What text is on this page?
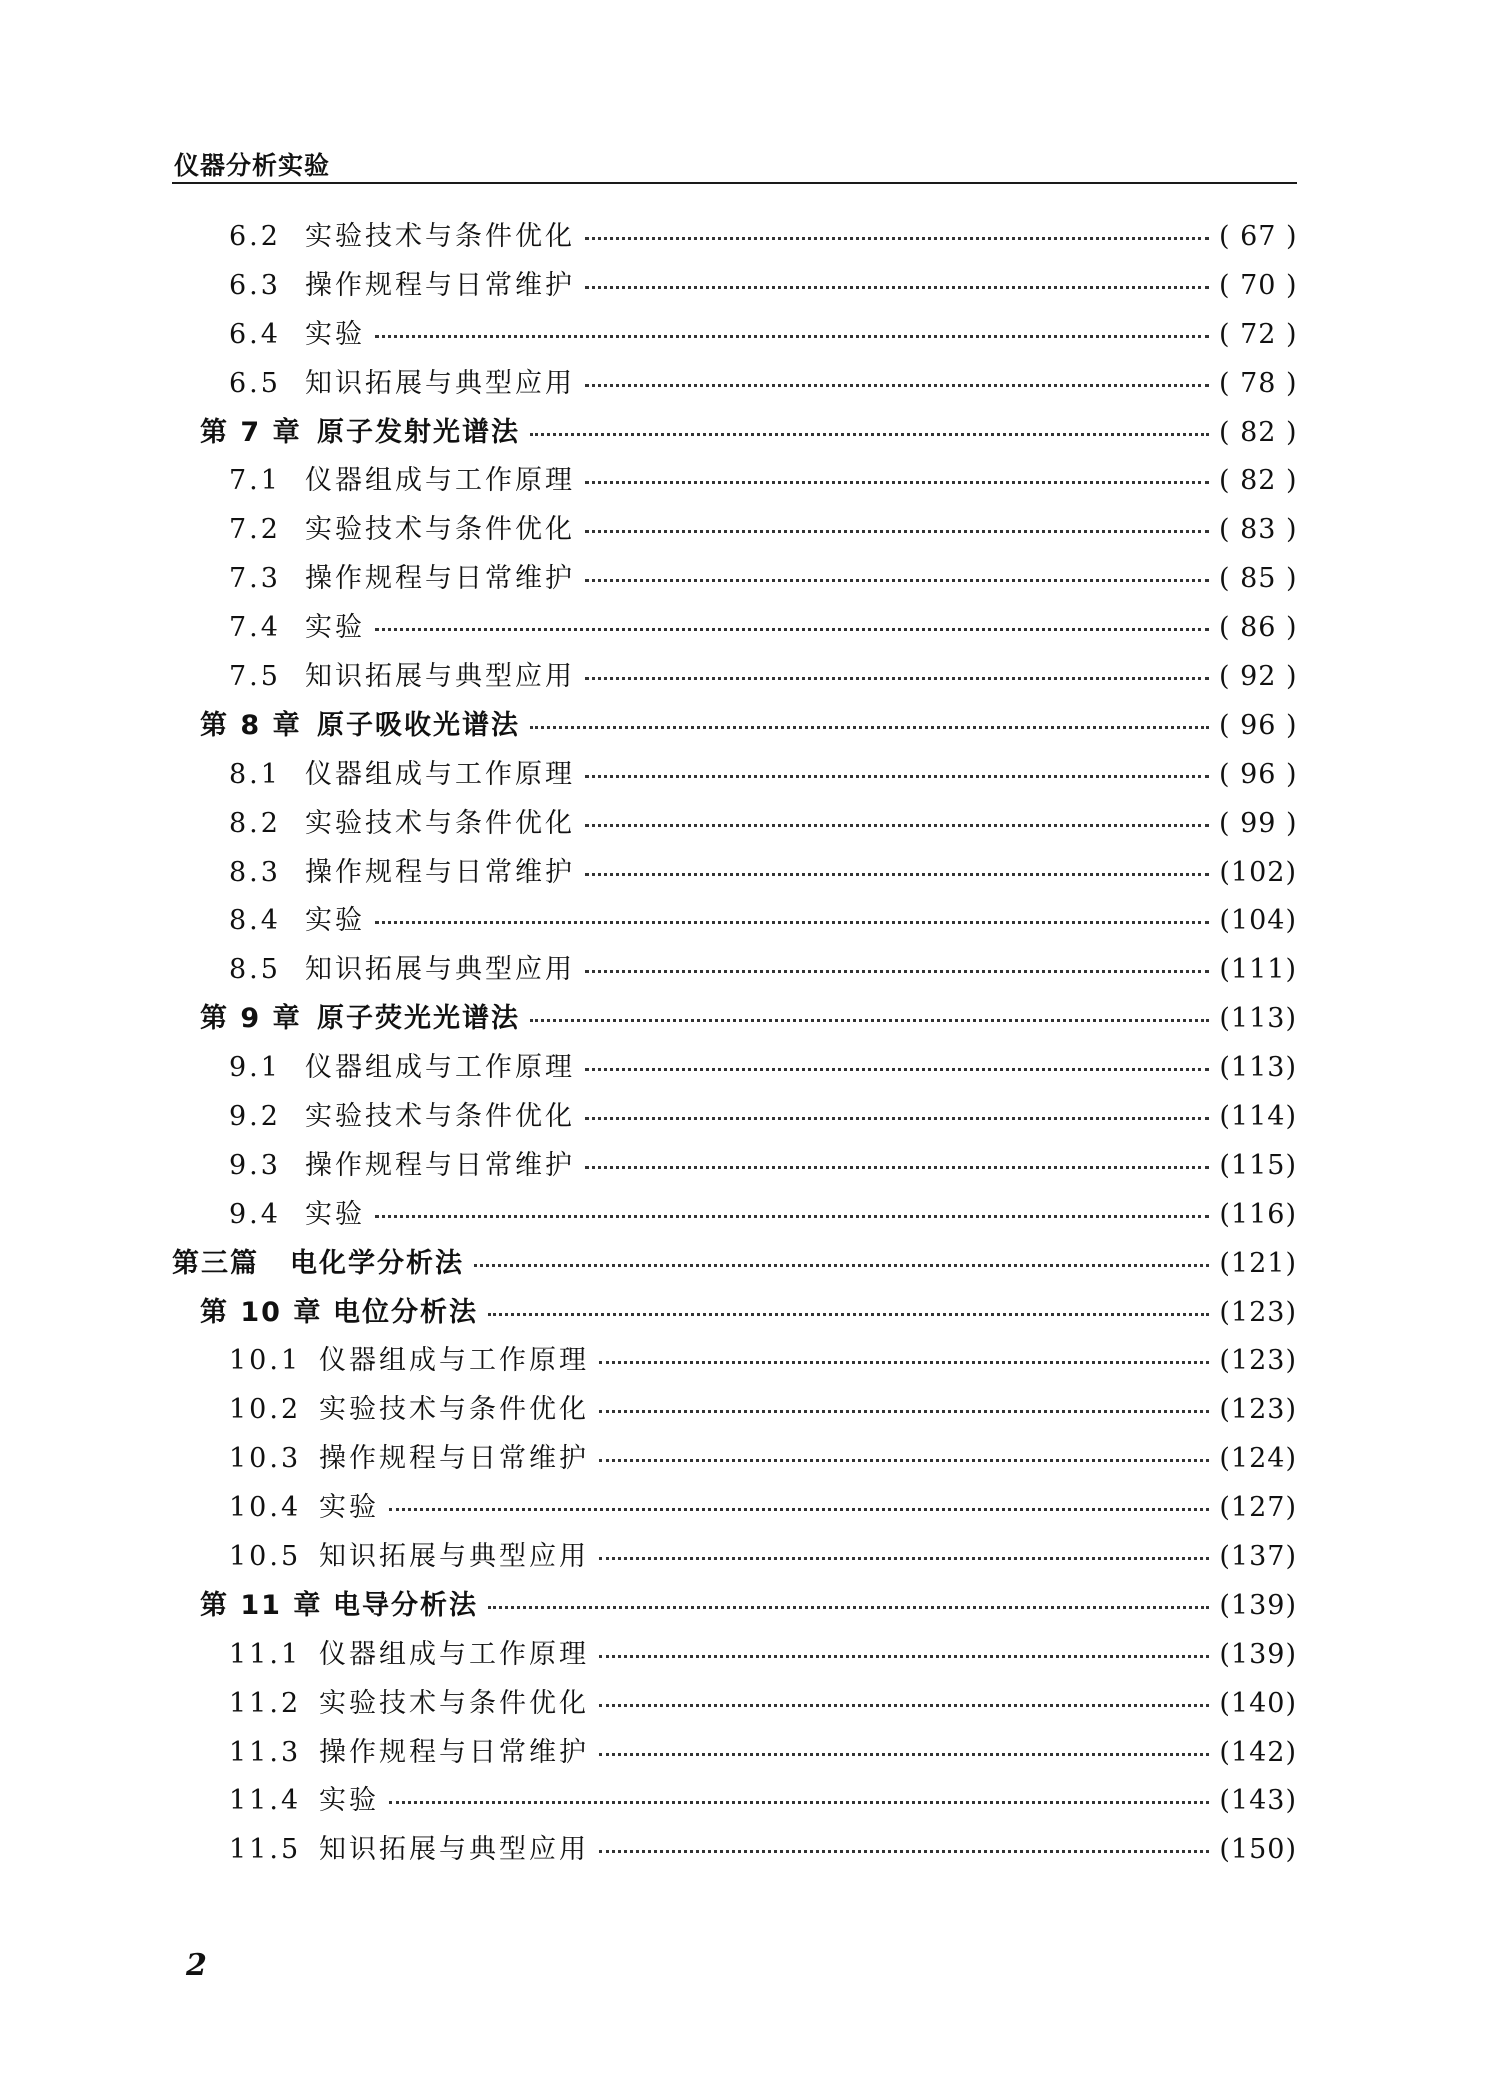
仪器分析实验
6.2 实验技术与条件优化	( 67 )
6.3 操作规程与日常维护	( 70 )
6.4 实验	( 72 )
6.5 知识拓展与典型应用	( 78 )
第 7 章 原子发射光谱法	( 82 )
7.1 仪器组成与工作原理	( 82 )
7.2 实验技术与条件优化	( 83 )
7.3 操作规程与日常维护	( 85 )
7.4 实验	( 86 )
7.5 知识拓展与典型应用	( 92 )
第 8 章 原子吸收光谱法	( 96 )
8.1 仪器组成与工作原理	( 96 )
8.2 实验技术与条件优化	( 99 )
8.3 操作规程与日常维护	(102)
8.4 实验	(104)
8.5 知识拓展与典型应用	(111)
第 9 章 原子荧光光谱法	(113)
9.1 仪器组成与工作原理	(113)
9.2 实验技术与条件优化	(114)
9.3 操作规程与日常维护	(115)
9.4 实验	(116)
第三篇	电化学分析法	(121)
第 10 章 电位分析法	(123)
10.1 仪器组成与工作原理	(123)
10.2 实验技术与条件优化	(123)
10.3 操作规程与日常维护	(124)
10.4 实验	(127)
10.5 知识拓展与典型应用	(137)
第 11 章 电导分析法	(139)
11.1 仪器组成与工作原理	(139)
11.2 实验技术与条件优化	(140)
11.3 操作规程与日常维护	(142)
11.4 实验	(143)
11.5 知识拓展与典型应用	(150)
2
